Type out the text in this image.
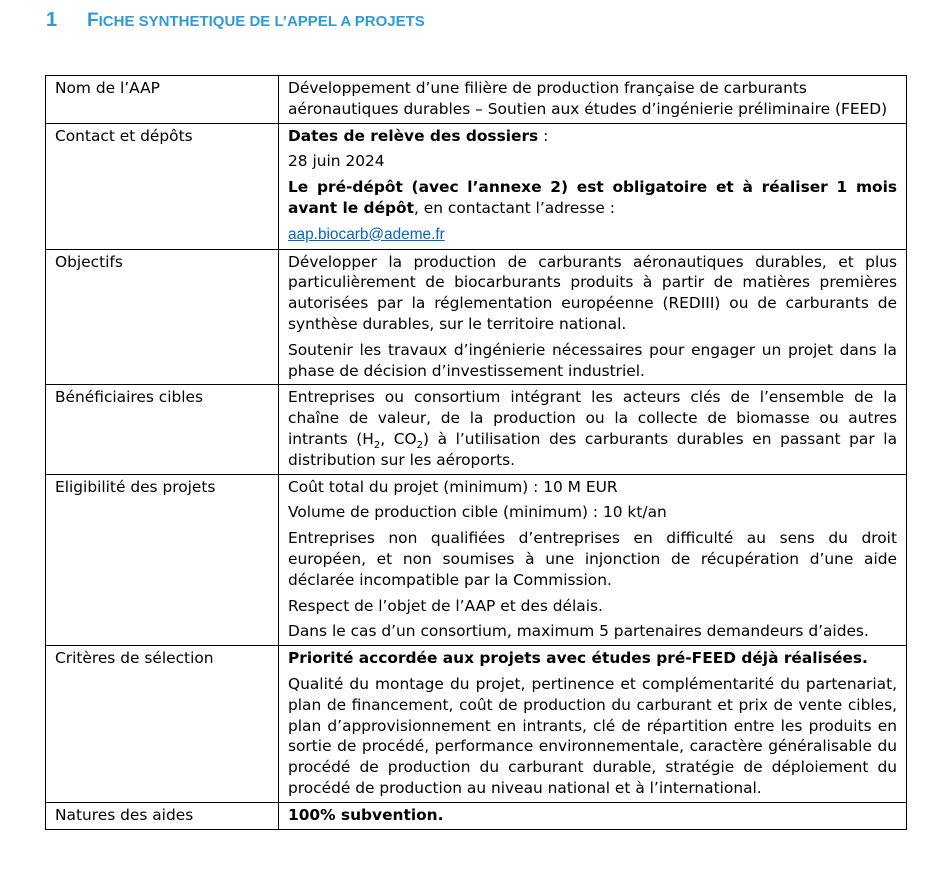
1	F ICHE SYNTHETIQUE DE L’APPEL A PROJETS
Nom de l’AAP	Développement d’une filière de production française de carburants aéronautiques durables – Soutien aux études d’ingénierie préliminaire (FEED)

Contact et dépôts	Dates de relève des dossiers :

28 juin 2024

Le pré-dépôt (avec l’annexe 2) est obligatoire et à réaliser 1 mois avant le dépôt, en contactant l’adresse :

aap.biocarb@ademe.fr

Objectifs	Développer la production de carburants aéronautiques durables, et plus particulièrement de biocarburants produits à partir de matières premières autorisées par la réglementation européenne (REDIII) ou de carburants de synthèse durables, sur le territoire national.

Soutenir les travaux d’ingénierie nécessaires pour engager un projet dans la phase de décision d’investissement industriel.

Bénéficiaires cibles	Entreprises ou consortium intégrant les acteurs clés de l’ensemble de la chaîne de valeur, de la production ou la collecte de biomasse ou autres intrants ($H_2$, $CO_2$) à l’utilisation des carburants durables en passant par la distribution sur les aéroports.

Eligibilité des projets	Coût total du projet (minimum) : 10 M EUR

Volume de production cible (minimum) : 10 kt/an

Entreprises non qualifiées d’entreprises en difficulté au sens du droit européen, et non soumises à une injonction de récupération d’une aide déclarée incompatible par la Commission.

Respect de l’objet de l’AAP et des délais.

Dans le cas d’un consortium, maximum 5 partenaires demandeurs d’aides.

Critères de sélection	Priorité accordée aux projets avec études pré-FEED déjà réalisées.

Qualité du montage du projet, pertinence et complémentarité du partenariat, plan de financement, coût de production du carburant et prix de vente cibles, plan d’approvisionnement en intrants, clé de répartition entre les produits en sortie de procédé, performance environnementale, caractère généralisable du procédé de production du carburant durable, stratégie de déploiement du procédé de production au niveau national et à l’international.

Natures des aides	100% subvention.
